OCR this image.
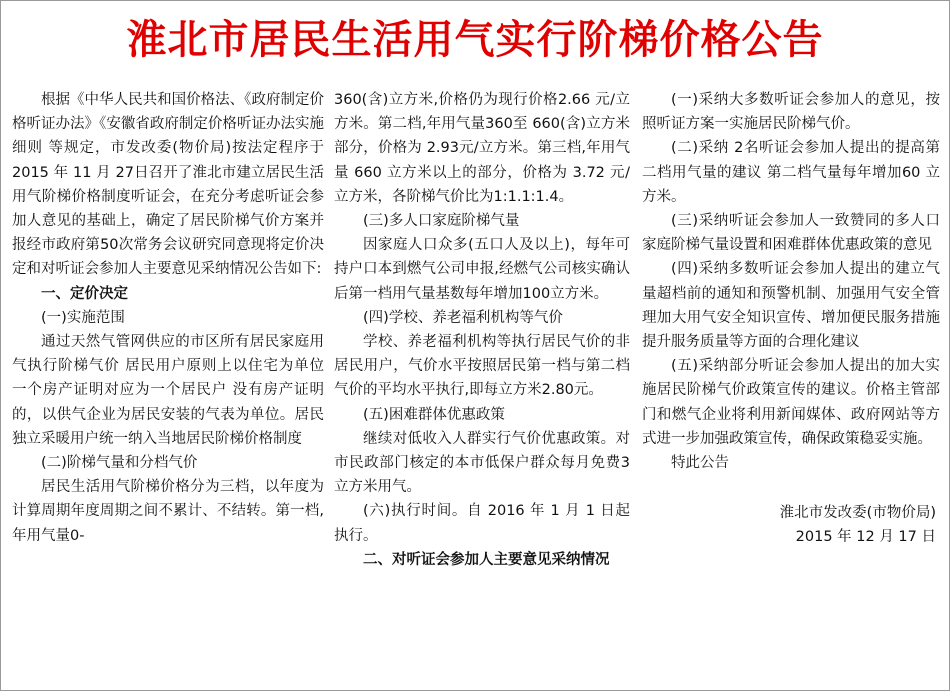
淮北市居民生活用气实行阶梯价格公告

根据《中华人民共和国价格法、《政府制定价格听证办法》《安徽省政府制定价格听证办法实施细则 等规定，市发改委(物价局)按法定程序于2015 年 11 月 27日召开了淮北市建立居民生活用气阶梯价格制度听证会，在充分考虑听证会参加人意见的基础上，确定了居民阶梯气价方案并报经市政府第50次常务会议研究同意现将定价决定和对听证会参加人主要意见采纳情况公告如下:

一、定价决定

(一)实施范围

通过天然气管网供应的市区所有居民家庭用气执行阶梯气价 居民用户原则上以住宅为单位 一个房产证明对应为一个居民户 没有房产证明的，以供气企业为居民安装的气表为单位。居民独立采暖用户统一纳入当地居民阶梯价格制度

(二)阶梯气量和分档气价

居民生活用气阶梯价格分为三档，以年度为计算周期年度周期之间不累计、不结转。第一档,年用气量0-

360(含)立方米,价格仍为现行价格2.66 元/立方米。第二档,年用气量360至 660(含)立方米部分，价格为 2.93元/立方米。第三档,年用气量 660 立方米以上的部分，价格为 3.72 元/立方米，各阶梯气价比为1:1.1:1.4。

(三)多人口家庭阶梯气量

因家庭人口众多(五口人及以上)，每年可持户口本到燃气公司申报,经燃气公司核实确认后第一档用气量基数每年增加100立方米。

(四)学校、养老福利机构等气价

学校、养老福利机构等执行居民气价的非居民用户，气价水平按照居民第一档与第二档气价的平均水平执行,即每立方米2.80元。

(五)困难群体优惠政策

继续对低收入人群实行气价优惠政策。对市民政部门核定的本市低保户群众每月免费3立方米用气。

(六)执行时间。自 2016 年 1 月 1 日起执行。

二、对听证会参加人主要意见采纳情况

(一)采纳大多数听证会参加人的意见，按照听证方案一实施居民阶梯气价。

(二)采纳 2名听证会参加人提出的提高第二档用气量的建议 第二档气量每年增加60 立方米。

(三)采纳听证会参加人一致赞同的多人口家庭阶梯气量设置和困难群体优惠政策的意见

(四)采纳多数听证会参加人提出的建立气量超档前的通知和预警机制、加强用气安全管理加大用气安全知识宣传、增加便民服务措施提升服务质量等方面的合理化建议

(五)采纳部分听证会参加人提出的加大实施居民阶梯气价政策宣传的建议。价格主管部门和燃气企业将利用新闻媒体、政府网站等方式进一步加强政策宣传，确保政策稳妥实施。

特此公告

淮北市发改委(市物价局)

2015 年 12 月 17 日
